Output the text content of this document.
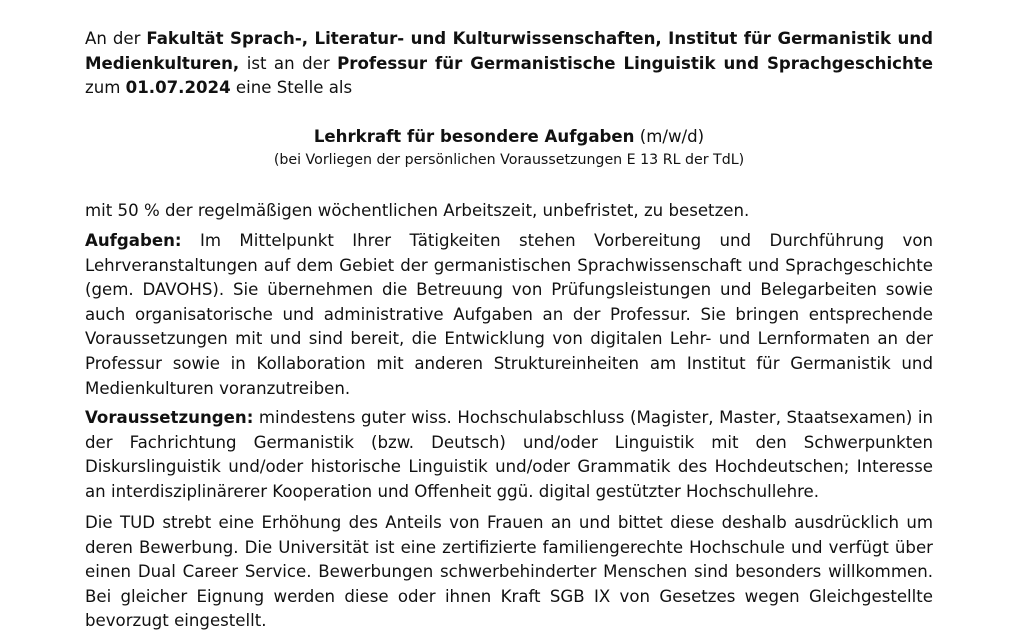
An der Fakultät Sprach-, Literatur- und Kulturwissenschaften, Institut für Germanistik und Medienkulturen, ist an der Professur für Germanistische Linguistik und Sprachgeschichte zum 01.07.2024 eine Stelle als

Lehrkraft für besondere Aufgaben (m/w/d)
(bei Vorliegen der persönlichen Voraussetzungen E 13 RL der TdL)

mit 50 % der regelmäßigen wöchentlichen Arbeitszeit, unbefristet, zu besetzen.

Aufgaben: Im Mittelpunkt Ihrer Tätigkeiten stehen Vorbereitung und Durchführung von Lehrveranstaltungen auf dem Gebiet der germanistischen Sprachwissenschaft und Sprachgeschichte (gem. DAVOHS). Sie übernehmen die Betreuung von Prüfungsleistungen und Belegarbeiten sowie auch organisatorische und administrative Aufgaben an der Professur. Sie bringen entsprechende Voraussetzungen mit und sind bereit, die Entwicklung von digitalen Lehr- und Lernformaten an der Professur sowie in Kollaboration mit anderen Struktureinheiten am Institut für Germanistik und Medienkulturen voranzutreiben.

Voraussetzungen: mindestens guter wiss. Hochschulabschluss (Magister, Master, Staatsexamen) in der Fachrichtung Germanistik (bzw. Deutsch) und/oder Linguistik mit den Schwerpunkten Diskurslinguistik und/oder historische Linguistik und/oder Grammatik des Hochdeutschen; Interesse an interdisziplinärerer Kooperation und Offenheit ggü. digital gestützter Hochschullehre.

Die TUD strebt eine Erhöhung des Anteils von Frauen an und bittet diese deshalb ausdrücklich um deren Bewerbung. Die Universität ist eine zertifizierte familiengerechte Hochschule und verfügt über einen Dual Career Service. Bewerbungen schwerbehinderter Menschen sind besonders willkommen. Bei gleicher Eignung werden diese oder ihnen Kraft SGB IX von Gesetzes wegen Gleichgestellte bevorzugt eingestellt.
